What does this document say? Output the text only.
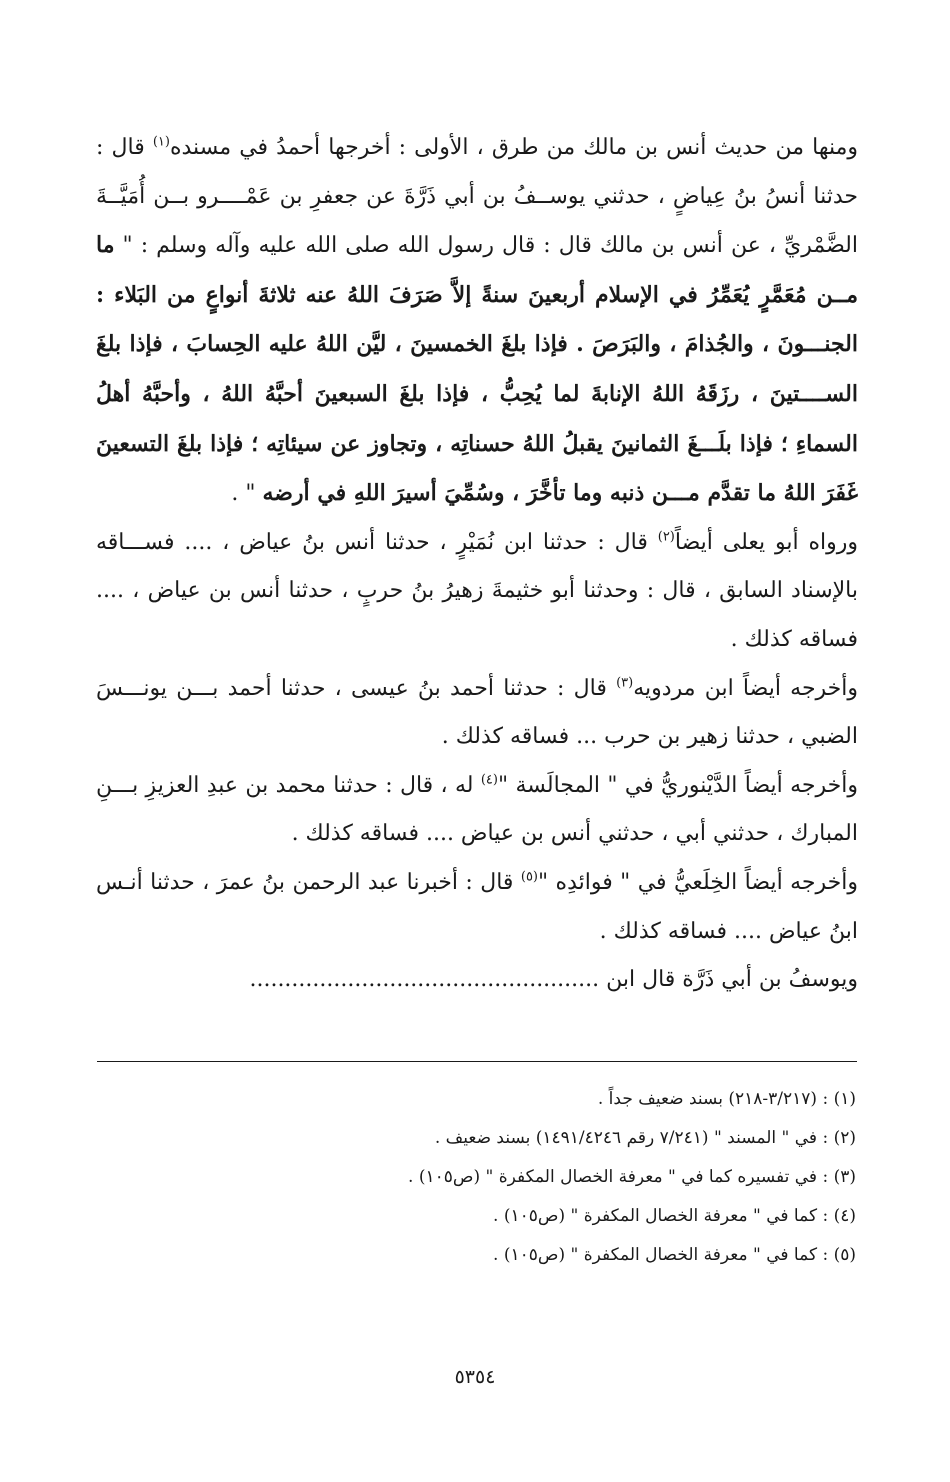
ومنها من حديث أنس بن مالك من طرق ، الأولى : أخرجها أحمدُ في مسنده$^{(١)}$ قال : حدثنا أنسُ بنُ عِياضٍ ، حدثني يوســفُ بن أبي ذَرَّةَ عن جعفرِ بن عَمْــــرو بــن أُمَيَّــةَ الضَّمْريِّ ، عن أنس بن مالك قال : قال رسول الله صلى الله عليه وآله وسلم : " ما مــن مُعَمَّرٍ يُعَمِّرُ في الإسلام أربعينَ سنةً إلاَّ صَرَفَ اللهُ عنه ثلاثةَ أنواعٍ من البَلاء : الجنـــونَ ، والجُذامَ ، والبَرَصَ . فإذا بلغَ الخمسينَ ، ليَّن اللهُ عليه الحِسابَ ، فإذا بلغَ الســــتينَ ، رزَقَهُ اللهُ الإنابةَ لما يُحِبُّ ، فإذا بلغَ السبعينَ أحبَّهُ اللهُ ، وأحبَّهُ أهلُ السماءِ ؛ فإذا بلَـــغَ الثمانينَ يقبلُ اللهُ حسناتِه ، وتجاوز عن سيئاتِه ؛ فإذا بلغَ التسعينَ غَفَرَ اللهُ ما تقدَّم مـــن ذنبه وما تأخَّرَ ، وسُمِّيَ أسيرَ اللهِ في أرضه " .

ورواه أبو يعلى أيضاً$^{(٢)}$ قال : حدثنا ابن نُمَيْرٍ ، حدثنا أنس بنُ عياض ، .... فســـاقه بالإسناد السابق ، قال : وحدثنا أبو خثيمةَ زهيرُ بنُ حربٍ ، حدثنا أنس بن عياض ، .... فساقه كذلك .

وأخرجه أيضاً ابن مردويه$^{(٣)}$ قال : حدثنا أحمد بنُ عيسى ، حدثنا أحمد بـــن يونـــسَ الضبي ، حدثنا زهير بن حرب ... فساقه كذلك .

وأخرجه أيضاً الدَّيْنوريُّ في " المجالَسة "$^{(٤)}$ له ، قال : حدثنا محمد بن عبدِ العزيزِ بـــنِ المبارك ، حدثني أبي ، حدثني أنس بن عياض .... فساقه كذلك .

وأخرجه أيضاً الخِلَعيُّ في " فوائدِه "$^{(٥)}$ قال : أخبرنا عبد الرحمن بنُ عمرَ ، حدثنا أنـس ابنُ عياض .... فساقه كذلك .

ويوسفُ بن أبي ذَرَّة قال ابن ..................................................

(١) : (٣/٢١٧-٢١٨) بسند ضعيف جداً .

(٢) : في " المسند " (٧/٢٤١ رقم ١٤٩١/٤٢٤٦) بسند ضعيف .

(٣) : في تفسيره كما في " معرفة الخصال المكفرة " (ص١٠٥) .

(٤) : كما في " معرفة الخصال المكفرة " (ص١٠٥) .

(٥) : كما في " معرفة الخصال المكفرة " (ص١٠٥) .

٥٣٥٤
